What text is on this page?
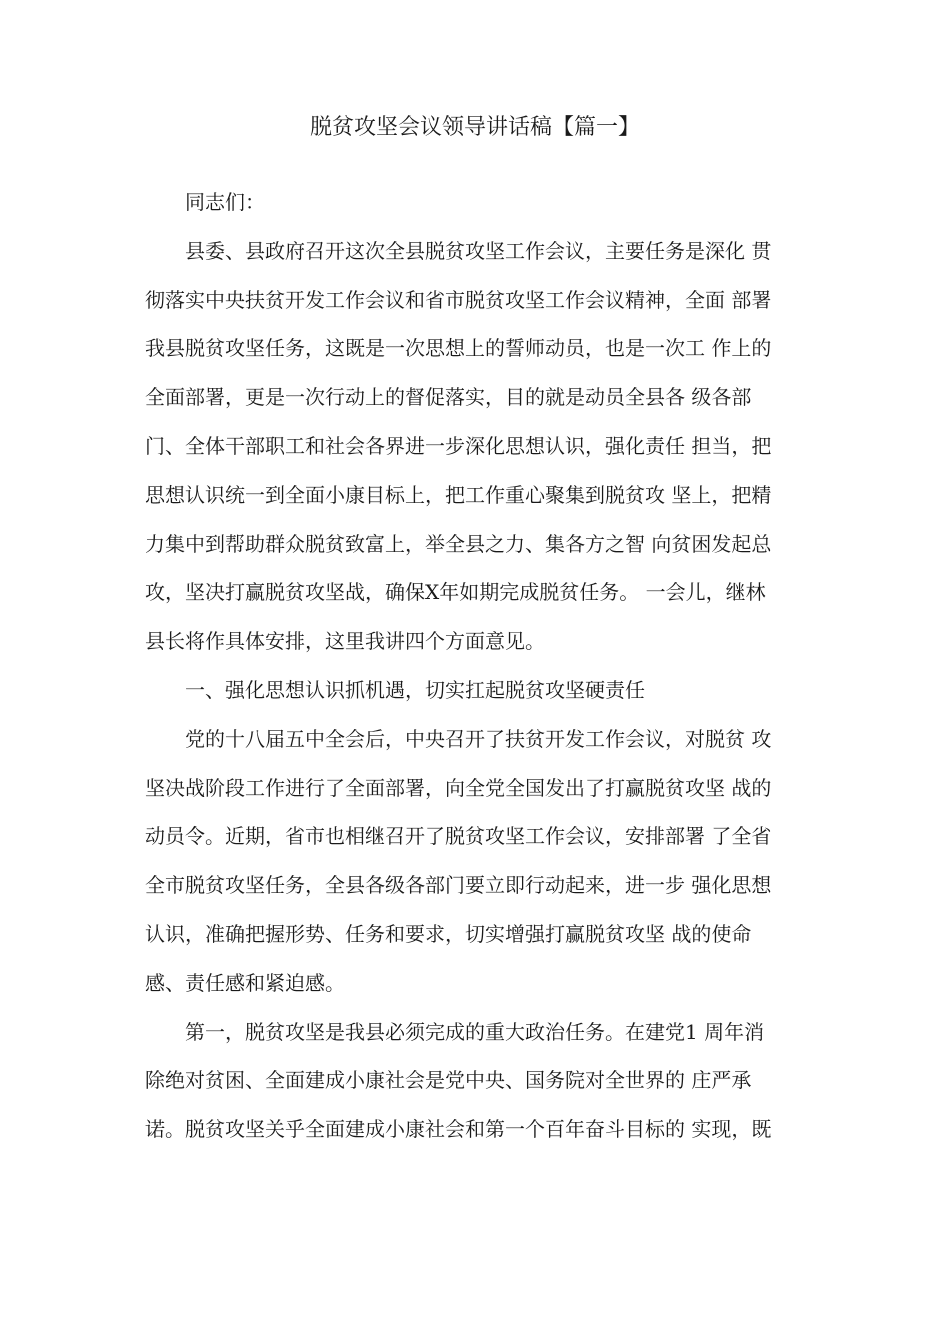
脱贫攻坚会议领导讲话稿【篇一】
同志们：
县委、县政府召开这次全县脱贫攻坚工作会议，主要任务是深化 贯
彻落实中央扶贫开发工作会议和省市脱贫攻坚工作会议精神，全面 部署
我县脱贫攻坚任务，这既是一次思想上的誓师动员，也是一次工 作上的
全面部署，更是一次行动上的督促落实，目的就是动员全县各 级各部
门、全体干部职工和社会各界进一步深化思想认识，强化责任 担当，把
思想认识统一到全面小康目标上，把工作重心聚集到脱贫攻 坚上，把精
力集中到帮助群众脱贫致富上，举全县之力、集各方之智 向贫困发起总
攻，坚决打赢脱贫攻坚战，确保X年如期完成脱贫任务。 一会儿，继林
县长将作具体安排，这里我讲四个方面意见。
一、强化思想认识抓机遇，切实扛起脱贫攻坚硬责任
党的十八届五中全会后，中央召开了扶贫开发工作会议，对脱贫 攻
坚决战阶段工作进行了全面部署，向全党全国发出了打赢脱贫攻坚 战的
动员令。近期，省市也相继召开了脱贫攻坚工作会议，安排部署 了全省
全市脱贫攻坚任务，全县各级各部门要立即行动起来，进一步 强化思想
认识，准确把握形势、任务和要求，切实增强打赢脱贫攻坚 战的使命
感、责任感和紧迫感。
第一，脱贫攻坚是我县必须完成的重大政治任务。在建党1 周年消
除绝对贫困、全面建成小康社会是党中央、国务院对全世界的 庄严承
诺。脱贫攻坚关乎全面建成小康社会和第一个百年奋斗目标的 实现，既
